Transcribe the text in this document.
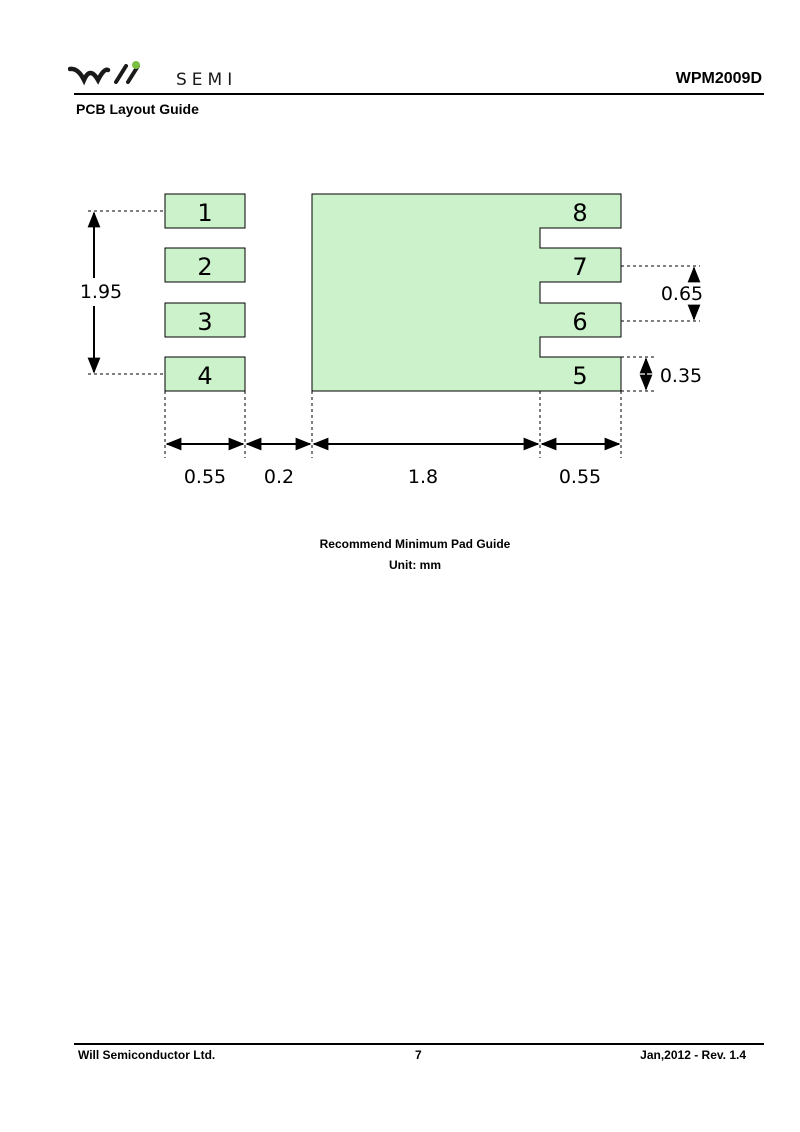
SEMI	WPM2009D
PCB Layout Guide
1
2
3
4
8
7
6
5
1.95	0.65
0.35
0.55 0.2	1.8	0.55
Recommend Minimum Pad Guide
Unit: mm
Will Semiconductor Ltd.	7	Jan,2012 - Rev. 1.4
